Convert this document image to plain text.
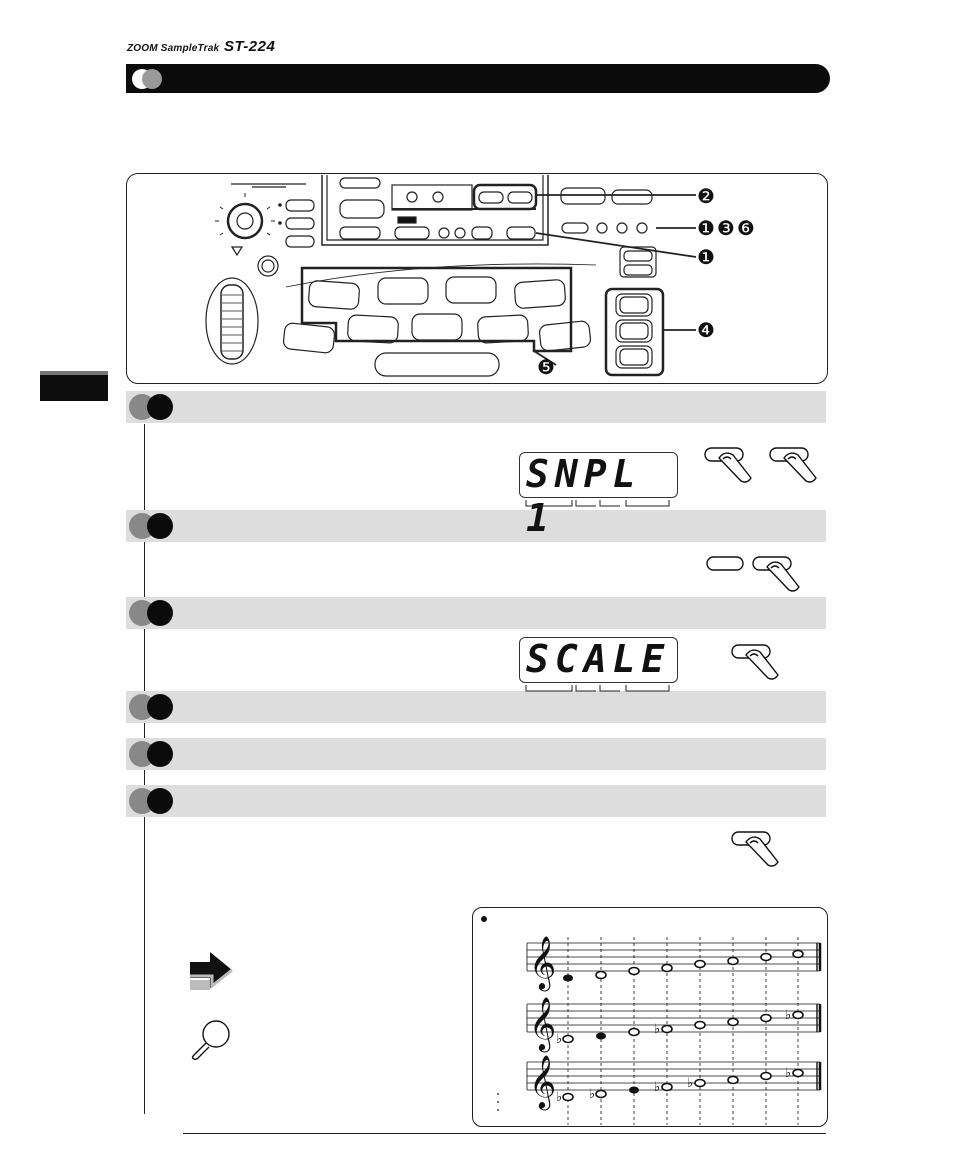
ZOOM SampleTrak ST-224
❷
❶❸❻
❶
❹
❺
SNPL 1
SCALE
𝄞
𝄞
𝄞
♭
♭
♭
♭ ♭	♭ ♭
♭
